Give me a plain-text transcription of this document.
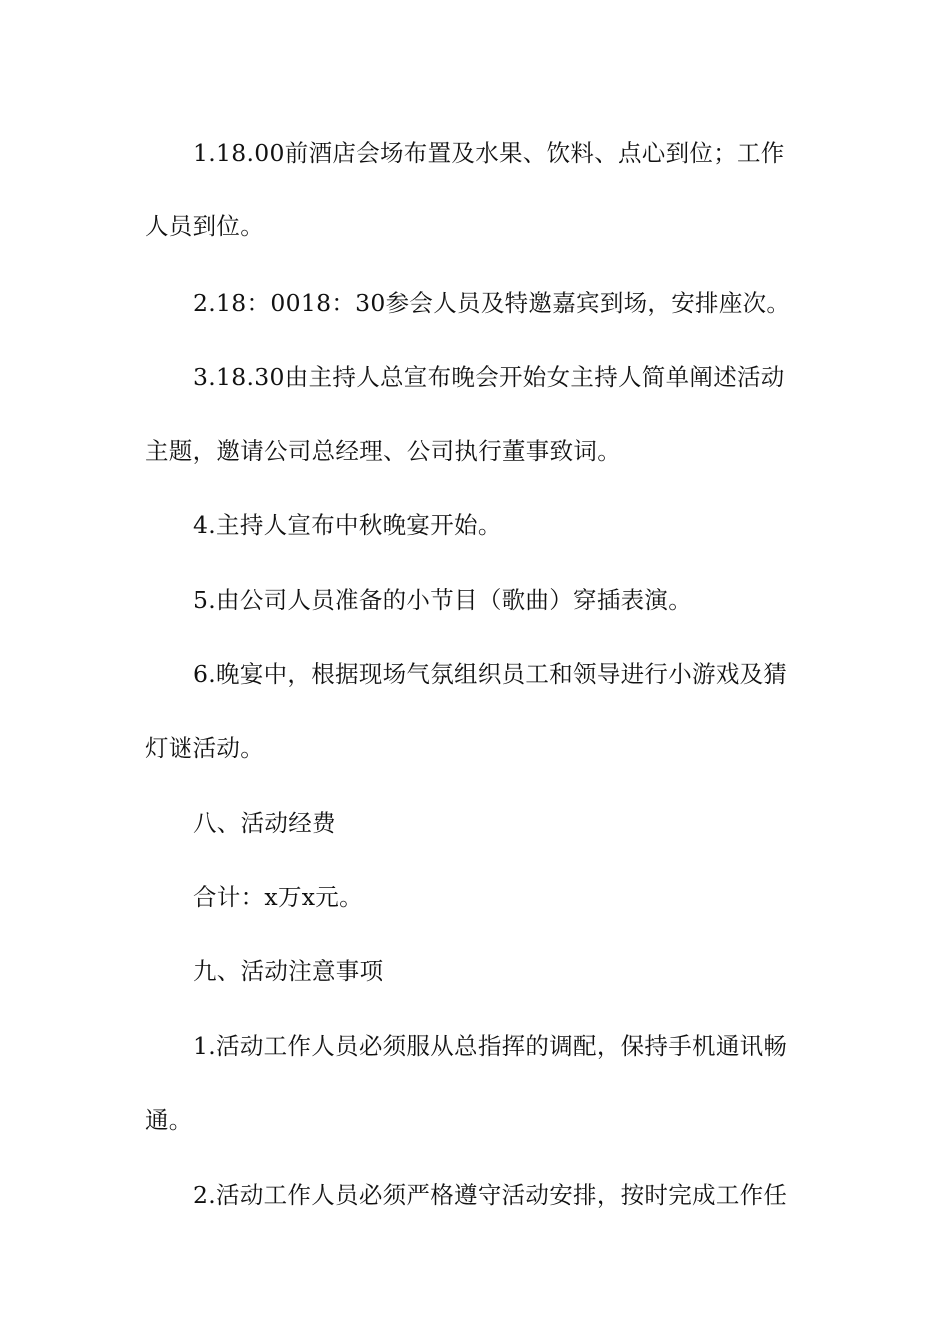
1.18.00前酒店会场布置及水果、饮料、点心到位；工作
人员到位。
2.18：0018：30参会人员及特邀嘉宾到场，安排座次。
3.18.30由主持人总宣布晚会开始女主持人简单阐述活动
主题，邀请公司总经理、公司执行董事致词。
4.主持人宣布中秋晚宴开始。
5.由公司人员准备的小节目（歌曲）穿插表演。
6.晚宴中，根据现场气氛组织员工和领导进行小游戏及猜
灯谜活动。
八、活动经费
合计：x万x元。
九、活动注意事项
1.活动工作人员必须服从总指挥的调配，保持手机通讯畅
通。
2.活动工作人员必须严格遵守活动安排，按时完成工作任
